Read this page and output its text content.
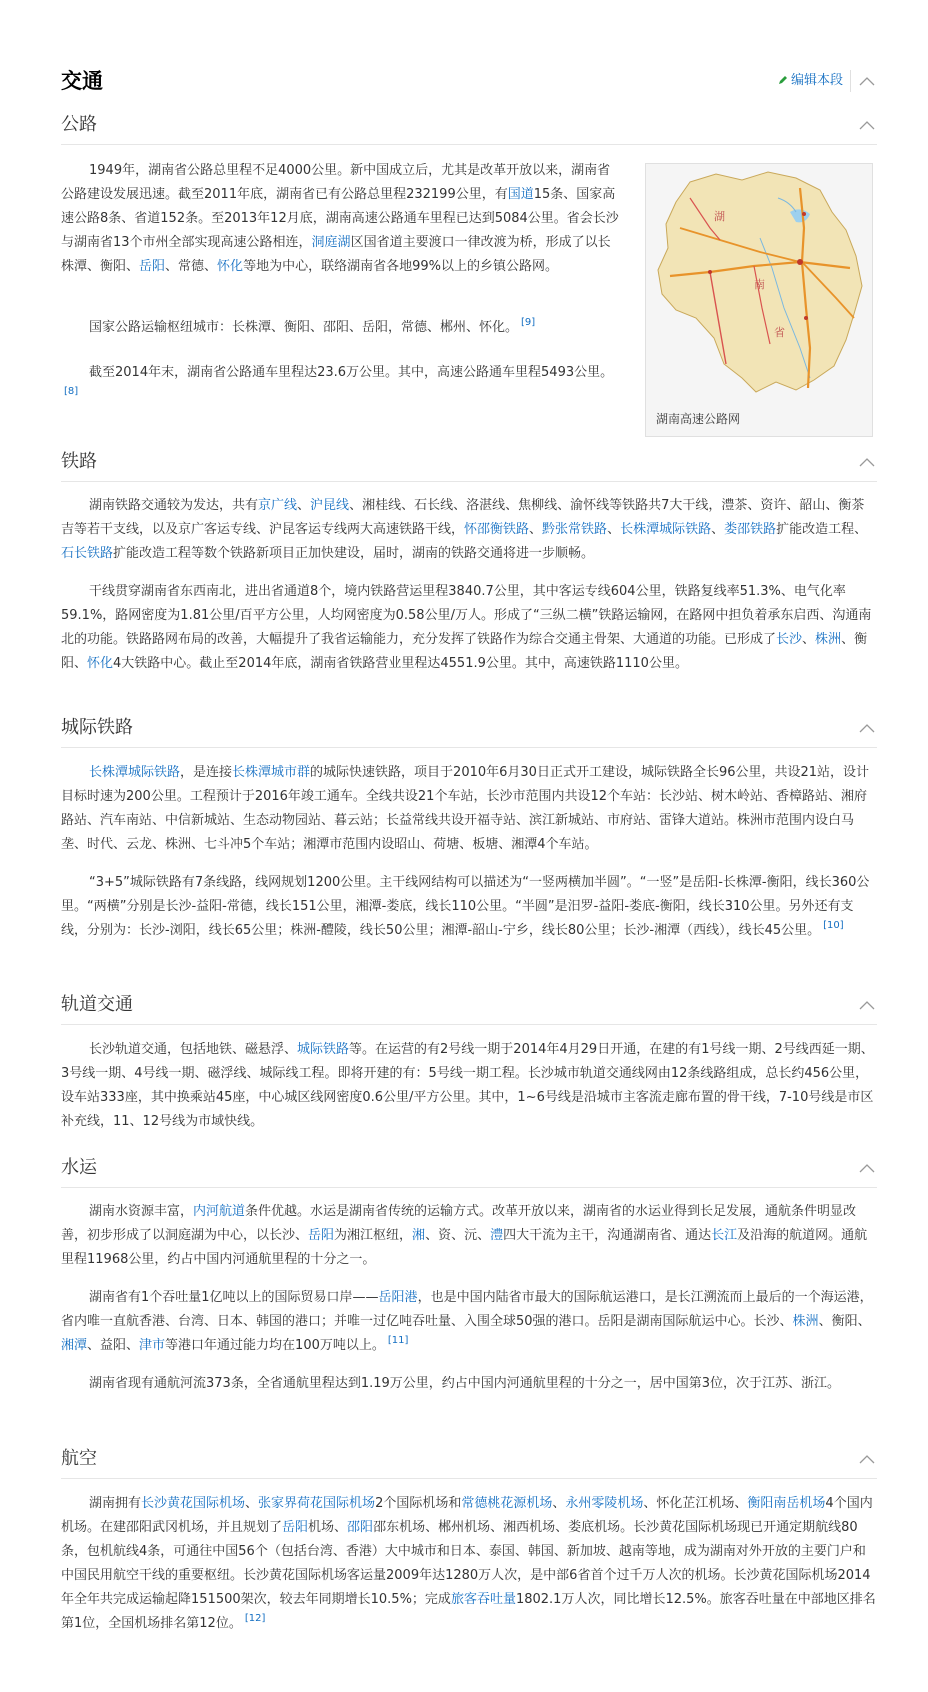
交通	编辑本段
公路

1949年，湖南省公路总里程不足4000公里。新中国成立后，尤其是改革开放以来，湖南省公路建设发展迅速。截至2011年底，湖南省已有公路总里程232199公里，有国道15条、国家高速公路8条、省道152条。至2013年12月底，湖南高速公路通车里程已达到5084公里。省会长沙与湖南省13个市州全部实现高速公路相连，洞庭湖区国省道主要渡口一律改渡为桥，形成了以长株潭、衡阳、岳阳、常德、怀化等地为中心，联络湖南省各地99%以上的乡镇公路网。

国家公路运输枢纽城市：长株潭、衡阳、邵阳、岳阳，常德、郴州、怀化。 [9]

截至2014年末，湖南省公路通车里程达23.6万公里。其中，高速公路通车里程5493公里。[8]

湖
南
省
湖南高速公路网
铁路

湖南铁路交通较为发达，共有京广线、沪昆线、湘桂线、石长线、洛湛线、焦柳线、渝怀线等铁路共7大干线，澧茶、资许、韶山、衡茶吉等若干支线，以及京广客运专线、沪昆客运专线两大高速铁路干线，怀邵衡铁路、黔张常铁路、长株潭城际铁路、娄邵铁路扩能改造工程、石长铁路扩能改造工程等数个铁路新项目正加快建设，届时，湖南的铁路交通将进一步顺畅。

干线贯穿湖南省东西南北，进出省通道8个，境内铁路营运里程3840.7公里，其中客运专线604公里，铁路复线率51.3%、电气化率59.1%，路网密度为1.81公里/百平方公里，人均网密度为0.58公里/万人。形成了“三纵二横”铁路运输网，在路网中担负着承东启西、沟通南北的功能。铁路路网布局的改善，大幅提升了我省运输能力，充分发挥了铁路作为综合交通主骨架、大通道的功能。已形成了长沙、株洲、衡阳、怀化4大铁路中心。截止至2014年底，湖南省铁路营业里程达4551.9公里。其中，高速铁路1110公里。

城际铁路

长株潭城际铁路，是连接长株潭城市群的城际快速铁路，项目于2010年6月30日正式开工建设，城际铁路全长96公里，共设21站，设计目标时速为200公里。工程预计于2016年竣工通车。全线共设21个车站，长沙市范围内共设12个车站：长沙站、树木岭站、香樟路站、湘府路站、汽车南站、中信新城站、生态动物园站、暮云站；长益常线共设开福寺站、滨江新城站、市府站、雷锋大道站。株洲市范围内设白马垄、时代、云龙、株洲、七斗冲5个车站；湘潭市范围内设昭山、荷塘、板塘、湘潭4个车站。

“3+5”城际铁路有7条线路，线网规划1200公里。主干线网结构可以描述为“一竖两横加半圆”。“一竖”是岳阳-长株潭-衡阳，线长360公里。“两横”分别是长沙-益阳-常德，线长151公里，湘潭-娄底，线长110公里。“半圆”是汨罗-益阳-娄底-衡阳，线长310公里。另外还有支线，分别为：长沙-浏阳，线长65公里；株洲-醴陵，线长50公里；湘潭-韶山-宁乡，线长80公里；长沙-湘潭（西线），线长45公里。 [10]

轨道交通

长沙轨道交通，包括地铁、磁悬浮、城际铁路等。在运营的有2号线一期于2014年4月29日开通，在建的有1号线一期、2号线西延一期、3号线一期、4号线一期、磁浮线、城际线工程。即将开建的有：5号线一期工程。长沙城市轨道交通线网由12条线路组成，总长约456公里，设车站333座，其中换乘站45座，中心城区线网密度0.6公里/平方公里。其中，1~6号线是沿城市主客流走廊布置的骨干线，7-10号线是市区补充线，11、12号线为市域快线。

水运

湖南水资源丰富，内河航道条件优越。水运是湖南省传统的运输方式。改革开放以来，湖南省的水运业得到长足发展，通航条件明显改善，初步形成了以洞庭湖为中心，以长沙、岳阳为湘江枢纽，湘、资、沅、澧四大干流为主干，沟通湖南省、通达长江及沿海的航道网。通航里程11968公里，约占中国内河通航里程的十分之一。

湖南省有1个吞吐量1亿吨以上的国际贸易口岸——岳阳港，也是中国内陆省市最大的国际航运港口，是长江溯流而上最后的一个海运港，省内唯一直航香港、台湾、日本、韩国的港口；并唯一过亿吨吞吐量、入围全球50强的港口。岳阳是湖南国际航运中心。长沙、株洲、衡阳、湘潭、益阳、津市等港口年通过能力均在100万吨以上。 [11]

湖南省现有通航河流373条，全省通航里程达到1.19万公里，约占中国内河通航里程的十分之一，居中国第3位，次于江苏、浙江。

航空

湖南拥有长沙黄花国际机场、张家界荷花国际机场2个国际机场和常德桃花源机场、永州零陵机场、怀化芷江机场、衡阳南岳机场4个国内机场。在建邵阳武冈机场，并且规划了岳阳机场、邵阳邵东机场、郴州机场、湘西机场、娄底机场。长沙黄花国际机场现已开通定期航线80条，包机航线4条，可通往中国56个（包括台湾、香港）大中城市和日本、泰国、韩国、新加坡、越南等地，成为湖南对外开放的主要门户和中国民用航空干线的重要枢纽。长沙黄花国际机场客运量2009年达1280万人次，是中部6省首个过千万人次的机场。长沙黄花国际机场2014年全年共完成运输起降151500架次，较去年同期增长10.5%；完成旅客吞吐量1802.1万人次，同比增长12.5%。旅客吞吐量在中部地区排名第1位，全国机场排名第12位。 [12]
